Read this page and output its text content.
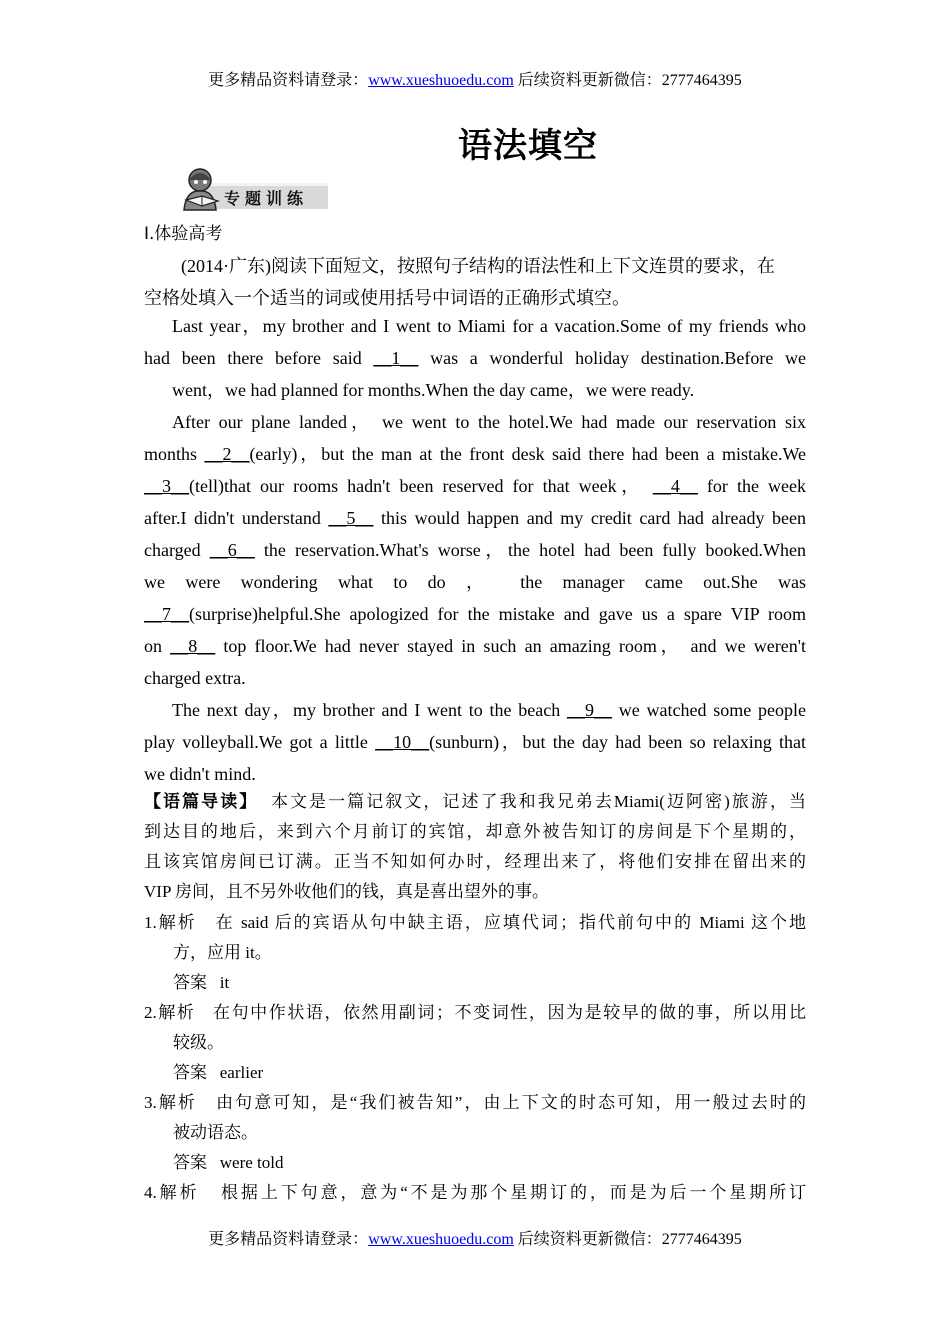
更多精品资料请登录：www.xueshuoedu.com 后续资料更新微信：2777464395
语法填空
专题训练
Ⅰ.体验高考
(2014·广东)阅读下面短文，按照句子结构的语法性和上下文连贯的要求，在
空格处填入一个适当的词或使用括号中词语的正确形式填空。
Last year，my brother and I went to Miami for a vacation.Some of my friends who
had been there before said __1__ was a wonderful holiday destination.Before we
went，we had planned for months.When the day came，we were ready.
After our plane landed， we went to the hotel.We had made our reservation six
months __2__(early)，but the man at the front desk said there had been a mistake.We
__3__(tell)that our rooms hadn't been reserved for that week， __4__ for the week
after.I didn't understand __5__ this would happen and my credit card had already been
charged __6__ the reservation.What's worse，the hotel had been fully booked.When
we were wondering what to do ， the manager came out.She was
__7__(surprise)helpful.She apologized for the mistake and gave us a spare VIP room
on __8__ top floor.We had never stayed in such an amazing room， and we weren't
charged extra.
The next day，my brother and I went to the beach __9__ we watched some people
play volleyball.We got a little __10__(sunburn)，but the day had been so relaxing that
we didn't mind.
【语篇导读】 本文是一篇记叙文，记述了我和我兄弟去Miami(迈阿密)旅游，当
到达目的地后，来到六个月前订的宾馆，却意外被告知订的房间是下个星期的，
且该宾馆房间已订满。正当不知如何办时，经理出来了，将他们安排在留出来的
VIP 房间，且不另外收他们的钱，真是喜出望外的事。
1.解析 在 said 后的宾语从句中缺主语，应填代词；指代前句中的 Miami 这个地
方，应用 it。
答案 it
2.解析 在句中作状语，依然用副词；不变词性，因为是较早的做的事，所以用比
较级。
答案 earlier
3.解析 由句意可知，是“我们被告知”，由上下文的时态可知，用一般过去时的
被动语态。
答案 were told
4.解析 根据上下句意，意为“不是为那个星期订的，而是为后一个星期所订
更多精品资料请登录：www.xueshuoedu.com 后续资料更新微信：2777464395
